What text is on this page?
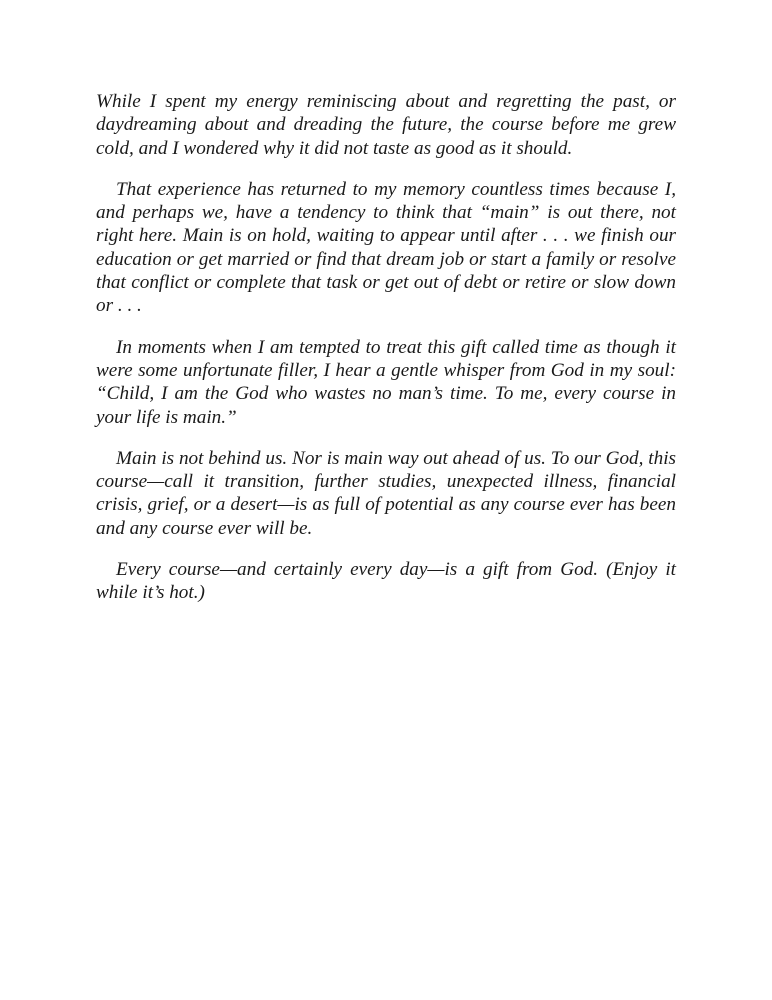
While I spent my energy reminiscing about and regretting the past, or daydreaming about and dreading the future, the course before me grew cold, and I wondered why it did not taste as good as it should.

That experience has returned to my memory countless times because I, and perhaps we, have a tendency to think that “main” is out there, not right here. Main is on hold, waiting to appear until after . . . we finish our education or get married or find that dream job or start a family or resolve that conflict or complete that task or get out of debt or retire or slow down or . . .

In moments when I am tempted to treat this gift called time as though it were some unfortunate filler, I hear a gentle whisper from God in my soul: “Child, I am the God who wastes no man’s time. To me, every course in your life is main.”

Main is not behind us. Nor is main way out ahead of us. To our God, this course—call it transition, further studies, unexpected illness, financial crisis, grief, or a desert—is as full of potential as any course ever has been and any course ever will be.

Every course—and certainly every day—is a gift from God. (Enjoy it while it’s hot.)
